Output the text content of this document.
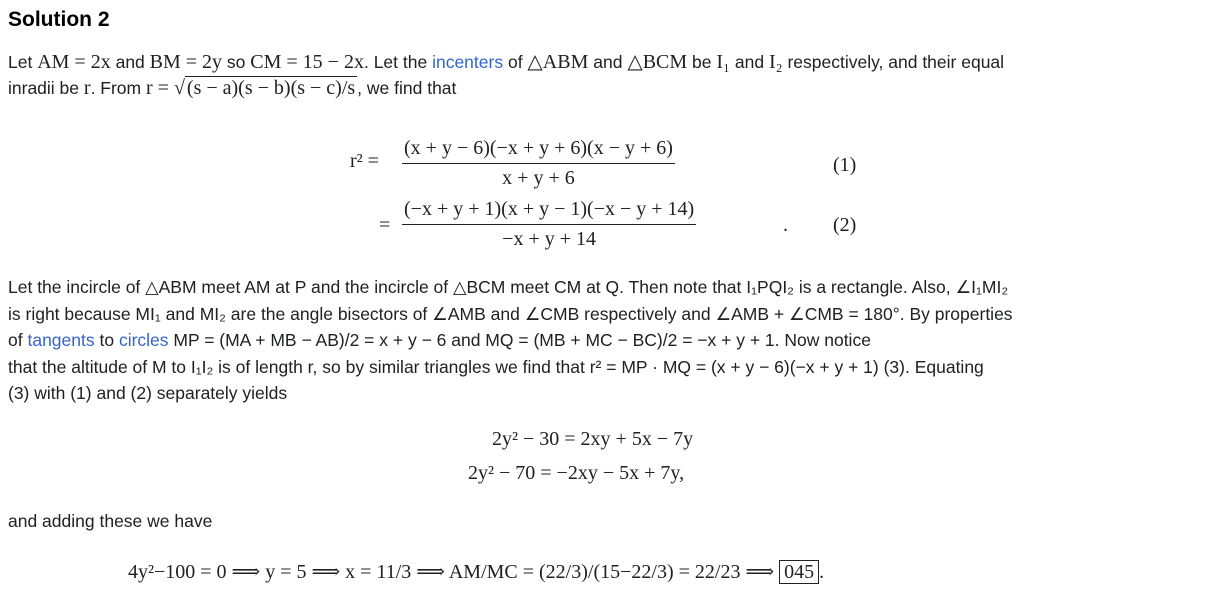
Solution 2
Let AM = 2x and BM = 2y so CM = 15 − 2x. Let the incenters of △ABM and △BCM be I₁ and I₂ respectively, and their equal
inradii be r. From r = √ (s − a)(s − b)(s − c)/s , we find that
$r^2 = \frac{(x + y - 6)(-x + y + 6)(x - y + 6)}{x + y + 6}$	(1)
= $\frac{(-x + y + 1)(x + y - 1)(-x - y + 14)}{-x + y + 14}$	. (2)
Let the incircle of △ABM meet AM at P and the incircle of △BCM meet CM at Q. Then note that I₁PQI₂ is a rectangle. Also, ∠I₁MI₂
is right because MI₁ and MI₂ are the angle bisectors of ∠AMB and ∠CMB respectively and ∠AMB + ∠CMB = 180°. By properties
of tangents to circles MP = (MA + MB − AB)/2 = x + y − 6 and MQ = (MB + MC − BC)/2 = −x + y + 1. Now notice
that the altitude of M to I₁I₂ is of length r, so by similar triangles we find that r² = MP · MQ = (x + y − 6)(−x + y + 1) (3). Equating
(3) with (1) and (2) separately yields
2y² − 30 = 2xy + 5x − 7y
2y² − 70 = −2xy − 5x + 7y,
and adding these we have
4y²−100 = 0 ⟹ y = 5 ⟹ x = 11/3 ⟹ AM/MC = (22/3)/(15−22/3) = 22/23 ⟹ 045 .
